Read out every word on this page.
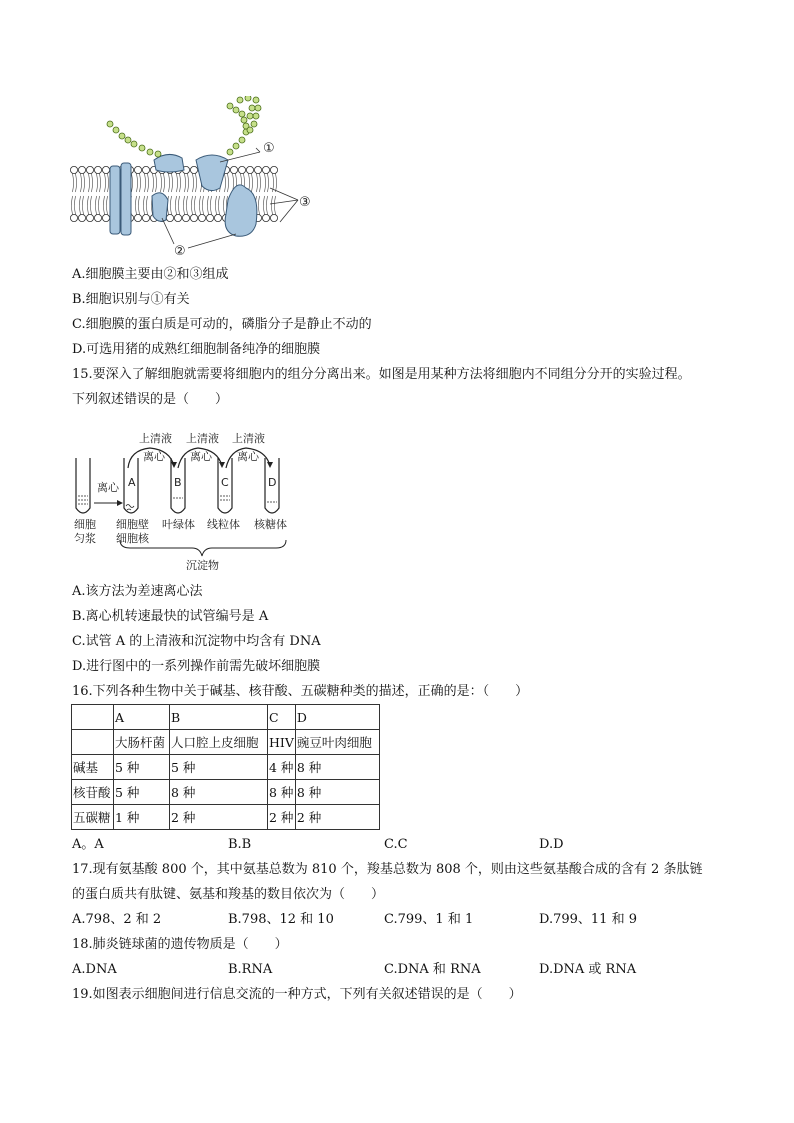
①
②
③
A.细胞膜主要由②和③组成
B.细胞识别与①有关
C.细胞膜的蛋白质是可动的，磷脂分子是静止不动的
D.可选用猪的成熟红细胞制备纯净的细胞膜
15.要深入了解细胞就需要将细胞内的组分分离出来。如图是用某种方法将细胞内不同组分分开的实验过程。
下列叙述错误的是（　　）
上清液 上清液 上清液
离心 离心 离心
离心 A	B	C	D
细胞
匀浆
细胞壁
细胞核
叶绿体 线粒体 核糖体
沉淀物
A.该方法为差速离心法
B.离心机转速最快的试管编号是 A
C.试管 A 的上清液和沉淀物中均含有 DNA
D.进行图中的一系列操作前需先破坏细胞膜
16.下列各种生物中关于碱基、核苷酸、五碳糖种类的描述，正确的是：（　　）
	A	B	C	D
	大肠杆菌	人口腔上皮细胞	HIV	豌豆叶肉细胞
碱基	5 种	5 种	4 种	8 种
核苷酸	5 种	8 种	8 种	8 种
五碳糖	1 种	2 种	2 种	2 种
A。A	B.B	C.C	D.D
17.现有氨基酸 800 个，其中氨基总数为 810 个，羧基总数为 808 个，则由这些氨基酸合成的含有 2 条肽链
的蛋白质共有肽键、氨基和羧基的数目依次为（　　）
A.798、2 和 2	B.798、12 和 10	C.799、1 和 1	D.799、11 和 9
18.肺炎链球菌的遗传物质是（　　）
A.DNA	B.RNA	C.DNA 和 RNA	D.DNA 或 RNA
19.如图表示细胞间进行信息交流的一种方式，下列有关叙述错误的是（　　）
